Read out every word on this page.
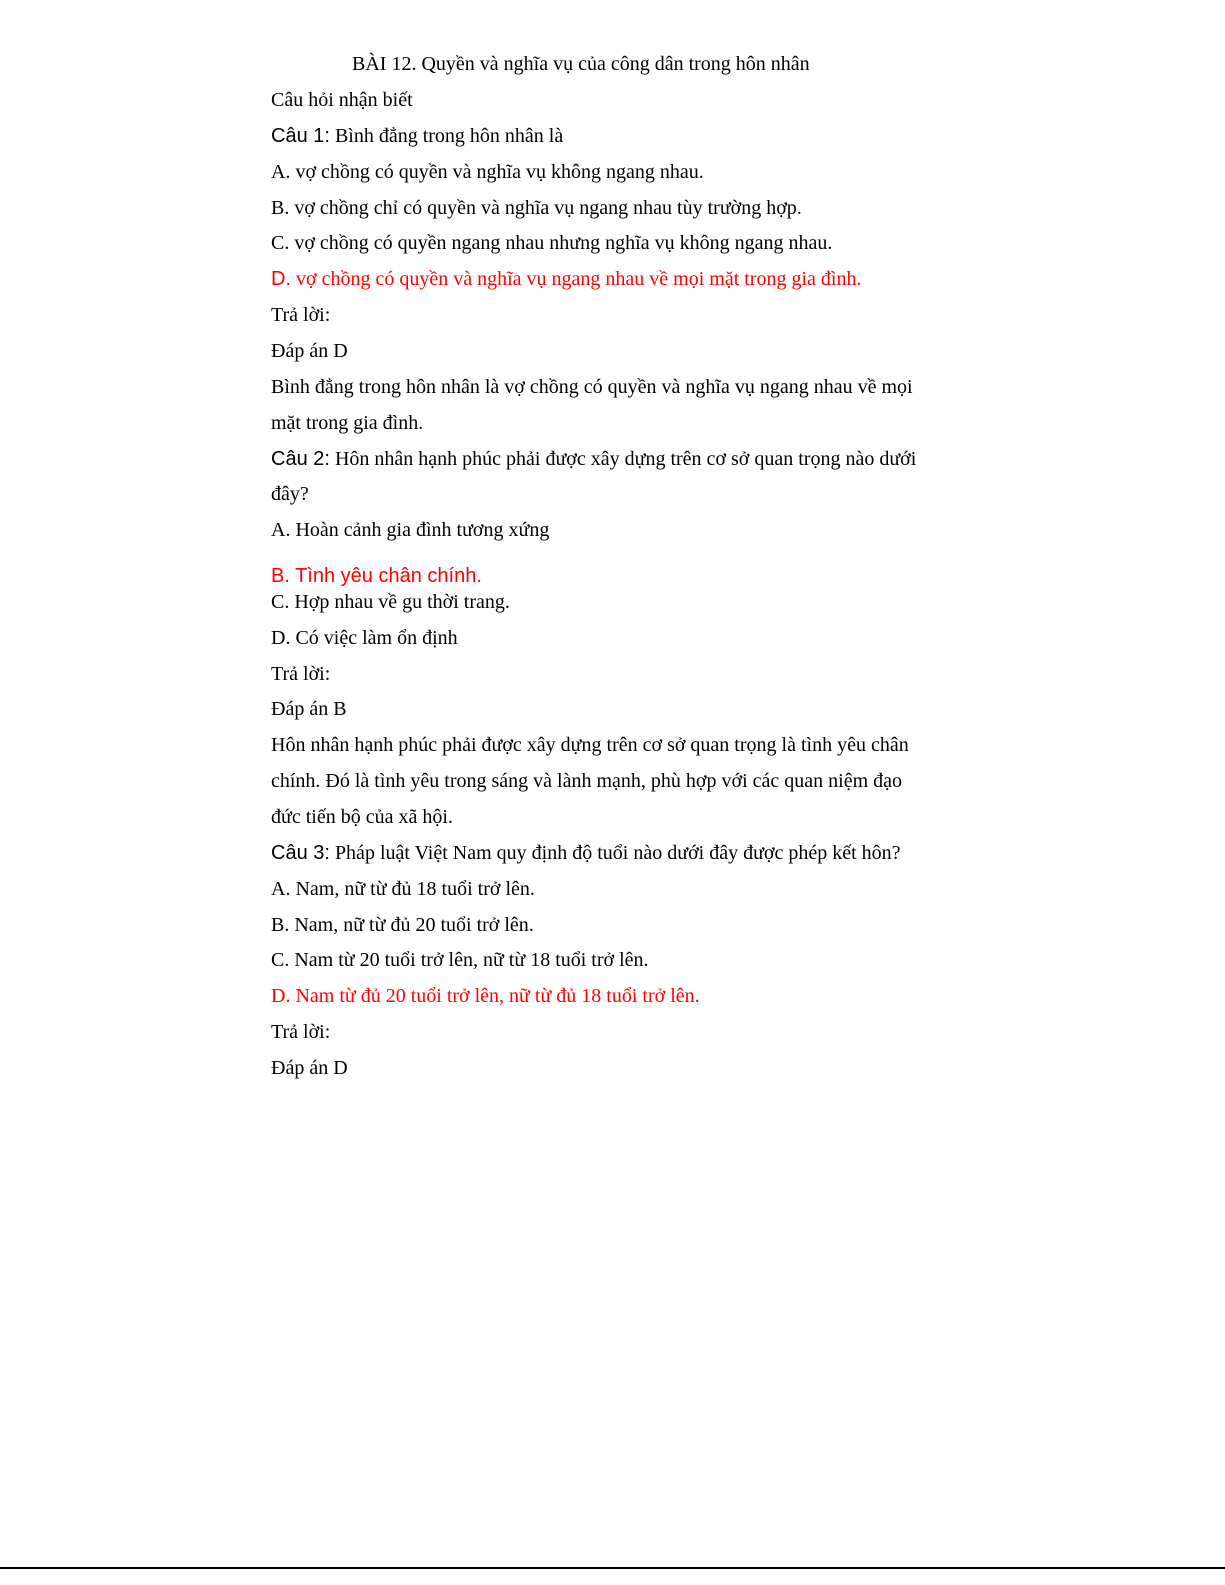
BÀI 12. Quyền và nghĩa vụ của công dân trong hôn nhân
Câu hỏi nhận biết
Câu 1: Bình đẳng trong hôn nhân là
A. vợ chồng có quyền và nghĩa vụ không ngang nhau.
B. vợ chồng chỉ có quyền và nghĩa vụ ngang nhau tùy trường hợp.
C. vợ chồng có quyền ngang nhau nhưng nghĩa vụ không ngang nhau.
D. vợ chồng có quyền và nghĩa vụ ngang nhau về mọi mặt trong gia đình.
Trả lời:
Đáp án D
Bình đẳng trong hôn nhân là vợ chồng có quyền và nghĩa vụ ngang nhau về mọi
mặt trong gia đình.
Câu 2: Hôn nhân hạnh phúc phải được xây dựng trên cơ sở quan trọng nào dưới
đây?
A. Hoàn cảnh gia đình tương xứng
B. Tình yêu chân chính.
C. Hợp nhau về gu thời trang.
D. Có việc làm ổn định
Trả lời:
Đáp án B
Hôn nhân hạnh phúc phải được xây dựng trên cơ sở quan trọng là tình yêu chân
chính. Đó là tình yêu trong sáng và lành mạnh, phù hợp với các quan niệm đạo
đức tiến bộ của xã hội.
Câu 3: Pháp luật Việt Nam quy định độ tuổi nào dưới đây được phép kết hôn?
A. Nam, nữ từ đủ 18 tuổi trở lên.
B. Nam, nữ từ đủ 20 tuổi trở lên.
C. Nam từ 20 tuổi trở lên, nữ từ 18 tuổi trở lên.
D. Nam từ đủ 20 tuổi trở lên, nữ từ đủ 18 tuổi trở lên.
Trả lời:
Đáp án D
